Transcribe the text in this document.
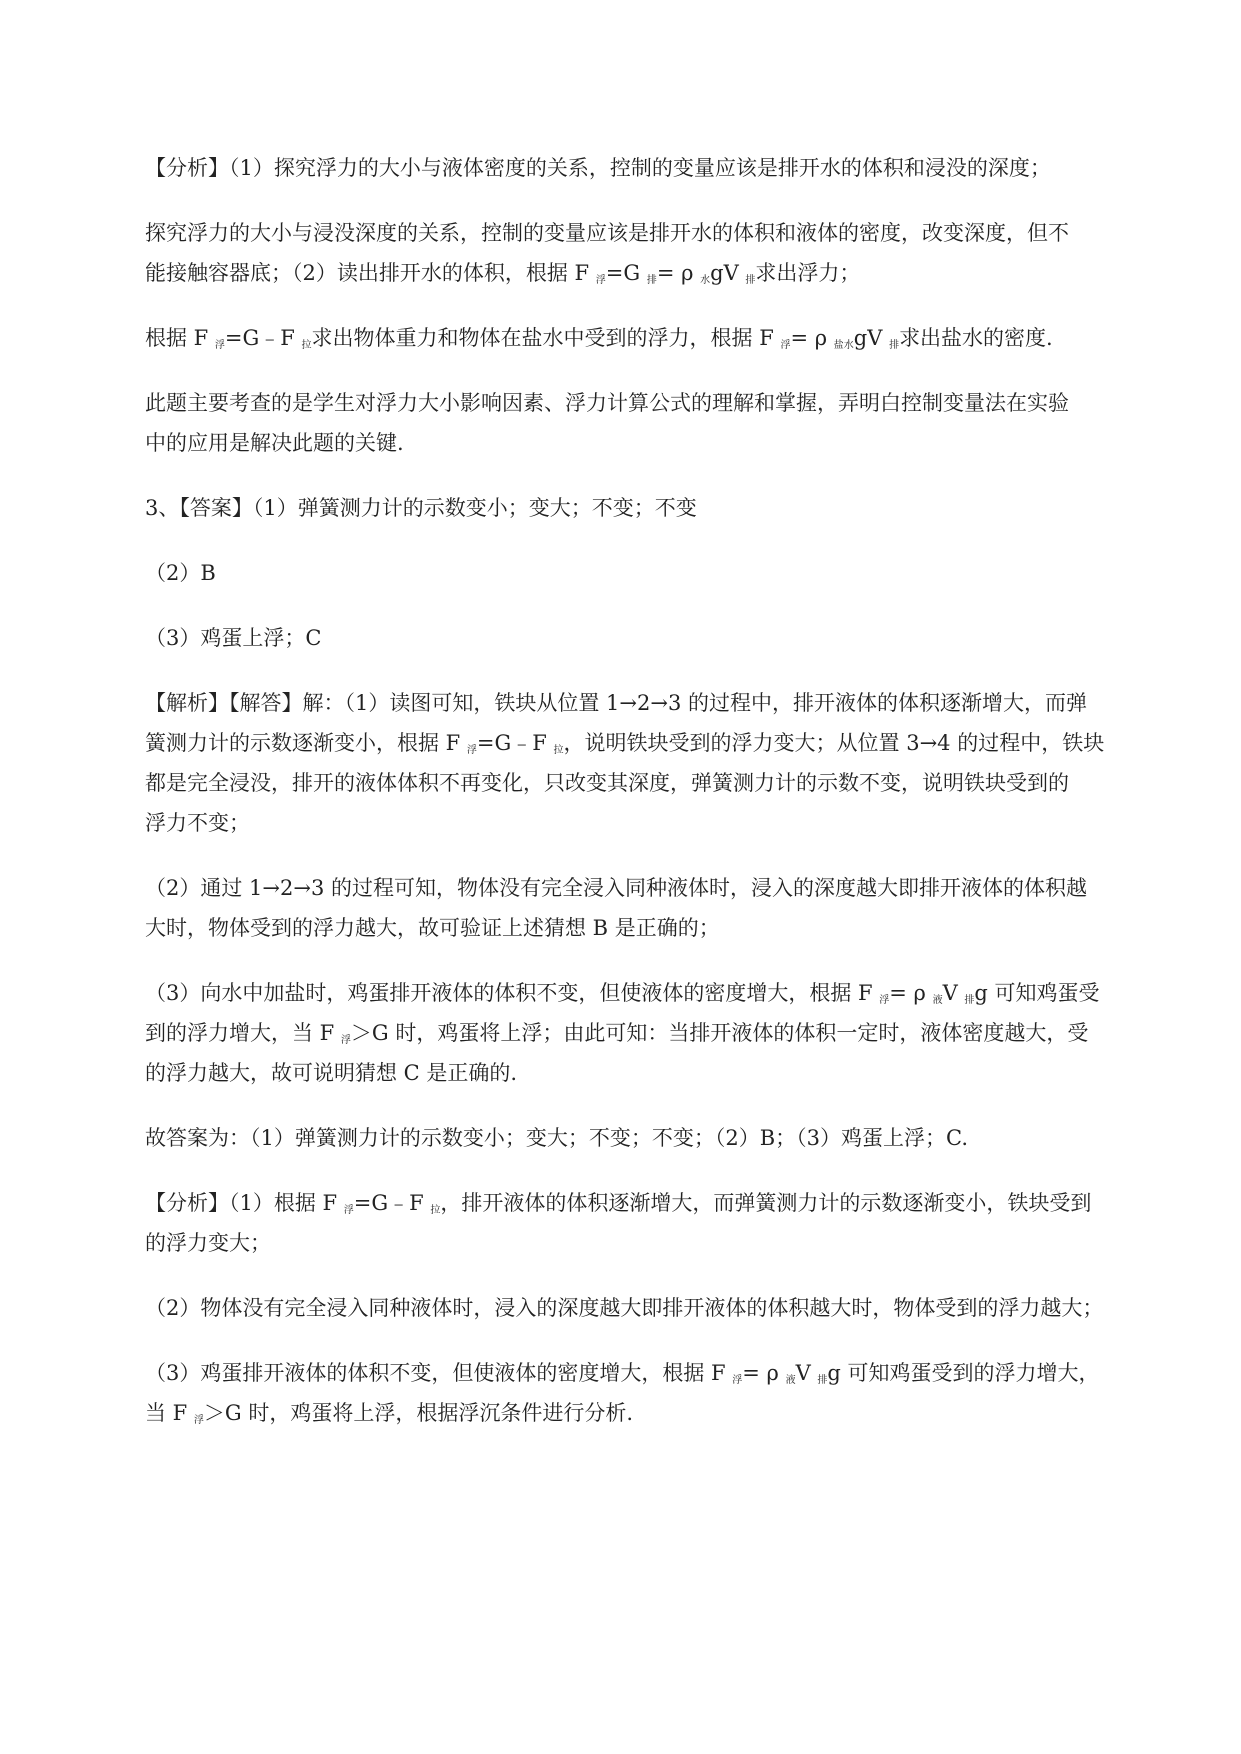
【分析】（1）探究浮力的大小与液体密度的关系，控制的变量应该是排开水的体积和浸没的深度；

探究浮力的大小与浸没深度的关系，控制的变量应该是排开水的体积和液体的密度，改变深度，但不

能接触容器底；（2）读出排开水的体积，根据 F $_浮$=G $_排$= ρ $_水$gV $_排$求出浮力；

根据 F $_浮$=G﹣F $_拉$求出物体重力和物体在盐水中受到的浮力，根据 F $_浮$= ρ $_{盐水}$gV $_排$求出盐水的密度.

此题主要考查的是学生对浮力大小影响因素、浮力计算公式的理解和掌握，弄明白控制变量法在实验

中的应用是解决此题的关键.

3、【答案】（1）弹簧测力计的示数变小；变大；不变；不变

（2）B

（3）鸡蛋上浮；C

【解析】【解答】解：（1）读图可知，铁块从位置 1→2→3 的过程中，排开液体的体积逐渐增大，而弹

簧测力计的示数逐渐变小，根据 F $_浮$=G﹣F $_拉$，说明铁块受到的浮力变大；从位置 3→4 的过程中，铁块

都是完全浸没，排开的液体体积不再变化，只改变其深度，弹簧测力计的示数不变，说明铁块受到的

浮力不变；

（2）通过 1→2→3 的过程可知，物体没有完全浸入同种液体时，浸入的深度越大即排开液体的体积越

大时，物体受到的浮力越大，故可验证上述猜想 B 是正确的；

（3）向水中加盐时，鸡蛋排开液体的体积不变，但使液体的密度增大，根据 F $_浮$= ρ $_液$V $_排$g 可知鸡蛋受

到的浮力增大，当 F $_浮$＞G 时，鸡蛋将上浮；由此可知：当排开液体的体积一定时，液体密度越大，受

的浮力越大，故可说明猜想 C 是正确的.

故答案为：（1）弹簧测力计的示数变小；变大；不变；不变；（2）B；（3）鸡蛋上浮；C.

【分析】（1）根据 F $_浮$=G﹣F $_拉$，排开液体的体积逐渐增大，而弹簧测力计的示数逐渐变小，铁块受到

的浮力变大；

（2）物体没有完全浸入同种液体时，浸入的深度越大即排开液体的体积越大时，物体受到的浮力越大；

（3）鸡蛋排开液体的体积不变，但使液体的密度增大，根据 F $_浮$= ρ $_液$V $_排$g 可知鸡蛋受到的浮力增大，

当 F $_浮$＞G 时，鸡蛋将上浮，根据浮沉条件进行分析.
